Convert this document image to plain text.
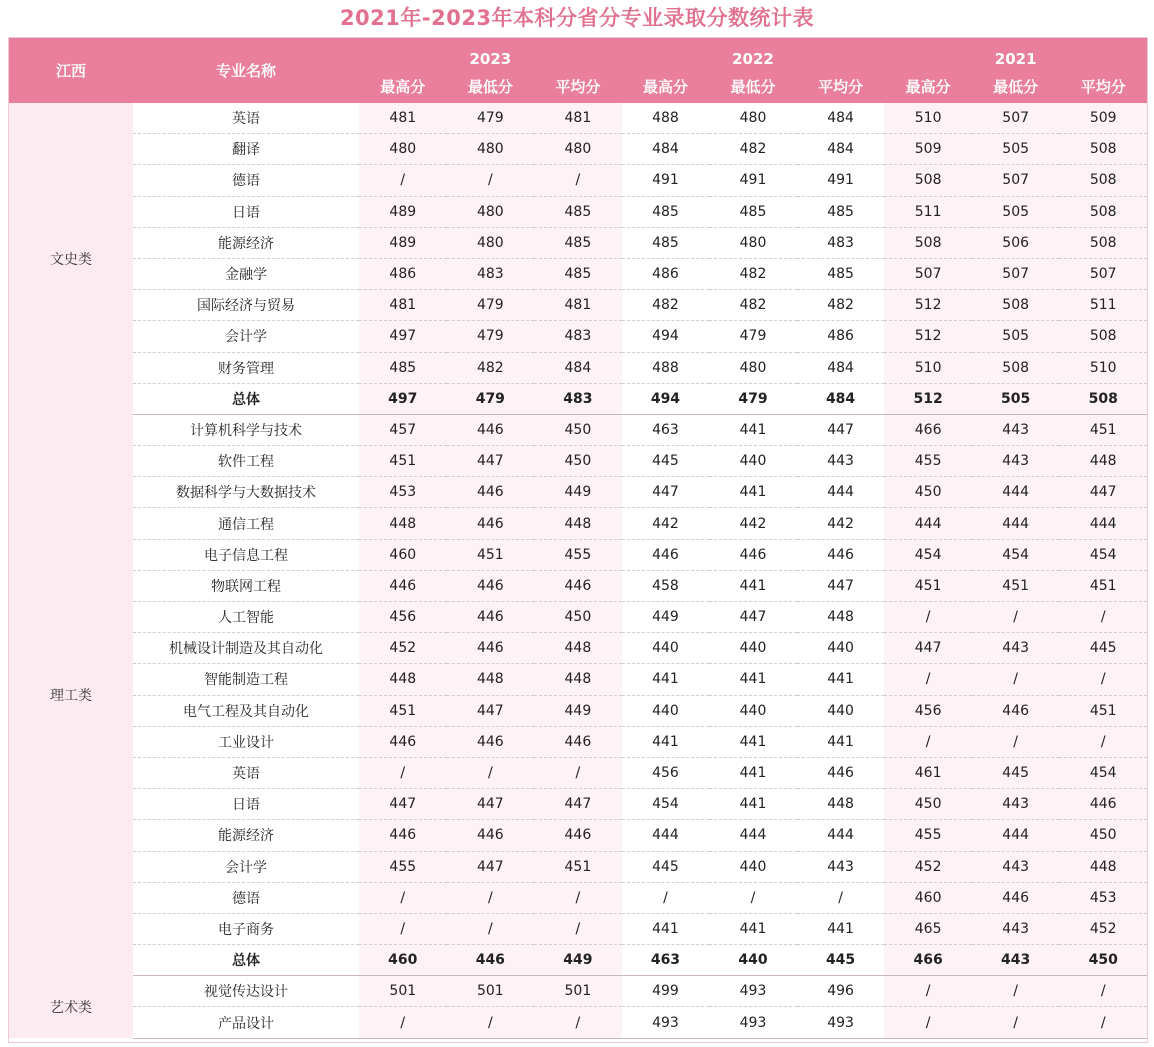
2021年-2023年本科分省分专业录取分数统计表
江西	专业名称	2023			2022			2021		
		最高分	最低分	平均分	最高分	最低分	平均分	最高分	最低分	平均分
文史类	英语	481	479	481	488	480	484	510	507	509
	翻译	480	480	480	484	482	484	509	505	508
	德语	/	/	/	491	491	491	508	507	508
	日语	489	480	485	485	485	485	511	505	508
	能源经济	489	480	485	485	480	483	508	506	508
	金融学	486	483	485	486	482	485	507	507	507
	国际经济与贸易	481	479	481	482	482	482	512	508	511
	会计学	497	479	483	494	479	486	512	505	508
	财务管理	485	482	484	488	480	484	510	508	510
	总体	497	479	483	494	479	484	512	505	508
理工类	计算机科学与技术	457	446	450	463	441	447	466	443	451
	软件工程	451	447	450	445	440	443	455	443	448
	数据科学与大数据技术	453	446	449	447	441	444	450	444	447
	通信工程	448	446	448	442	442	442	444	444	444
	电子信息工程	460	451	455	446	446	446	454	454	454
	物联网工程	446	446	446	458	441	447	451	451	451
	人工智能	456	446	450	449	447	448	/	/	/
	机械设计制造及其自动化	452	446	448	440	440	440	447	443	445
	智能制造工程	448	448	448	441	441	441	/	/	/
	电气工程及其自动化	451	447	449	440	440	440	456	446	451
	工业设计	446	446	446	441	441	441	/	/	/
	英语	/	/	/	456	441	446	461	445	454
	日语	447	447	447	454	441	448	450	443	446
	能源经济	446	446	446	444	444	444	455	444	450
	会计学	455	447	451	445	440	443	452	443	448
	德语	/	/	/	/	/	/	460	446	453
	电子商务	/	/	/	441	441	441	465	443	452
	总体	460	446	449	463	440	445	466	443	450
艺术类	视觉传达设计	501	501	501	499	493	496	/	/	/
	产品设计	/	/	/	493	493	493	/	/	/
